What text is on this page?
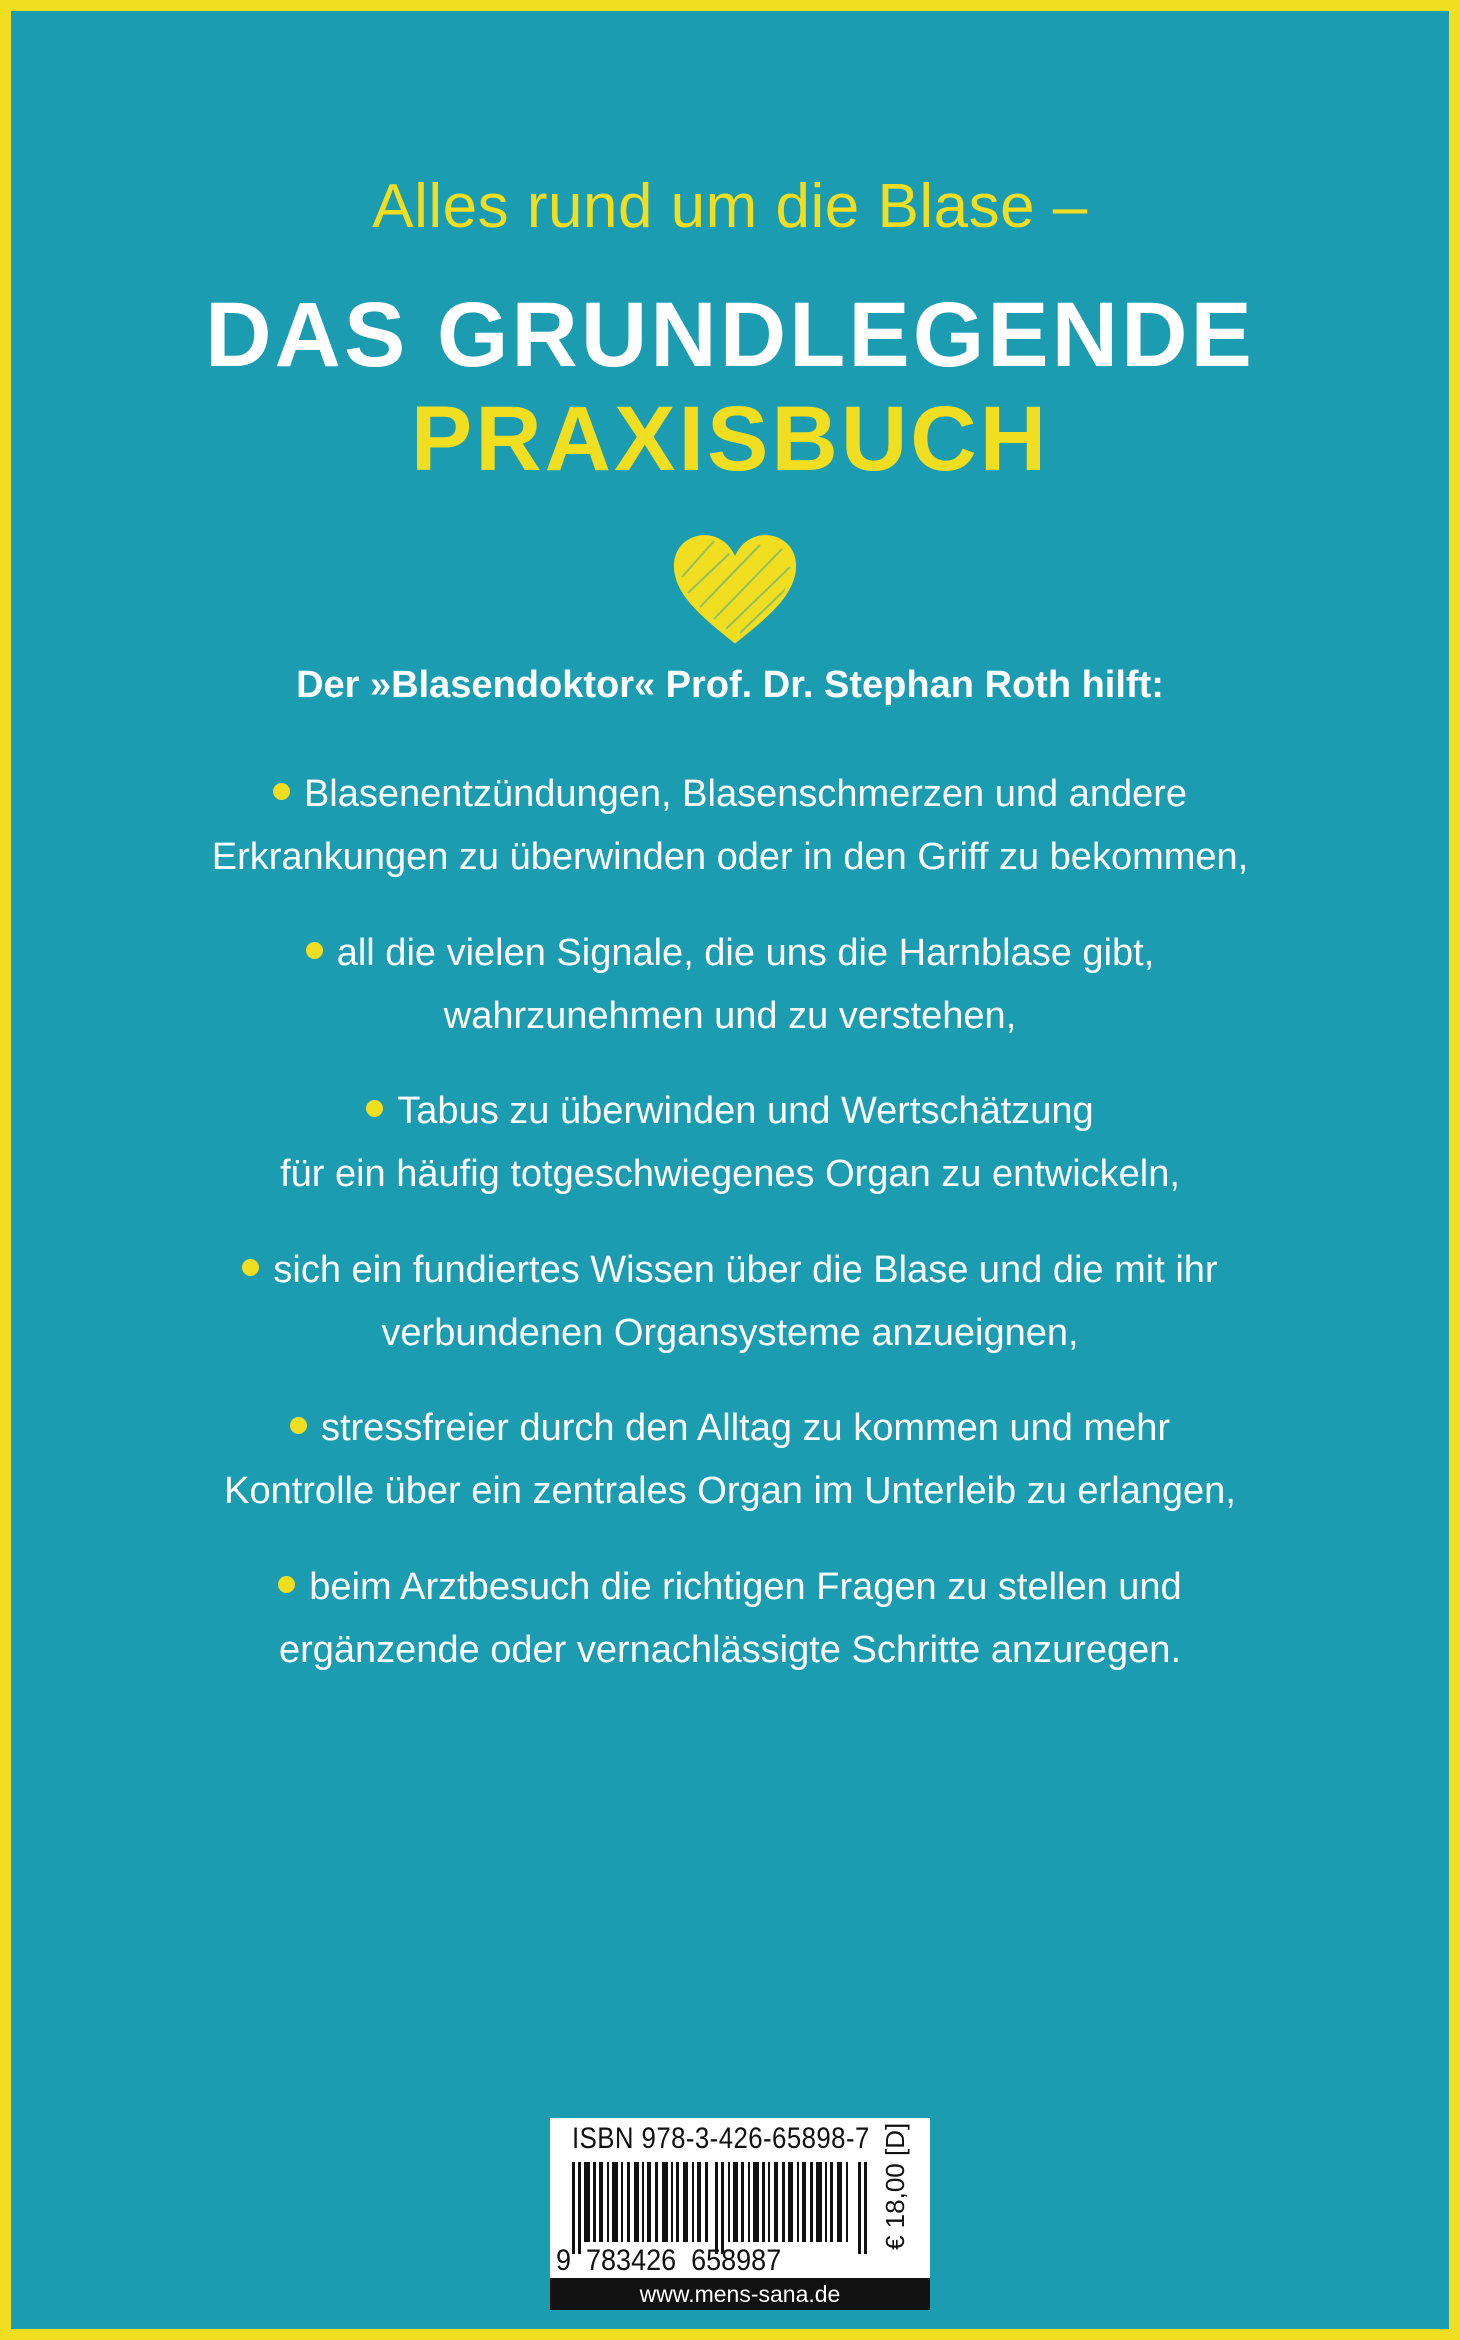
Alles rund um die Blase –

DAS GRUNDLEGENDE

PRAXISBUCH

Der »Blasendoktor« Prof. Dr. Stephan Roth hilft:

Blasenentzündungen, Blasenschmerzen und andere
Erkrankungen zu überwinden oder in den Griff zu bekommen,
all die vielen Signale, die uns die Harnblase gibt,
wahrzunehmen und zu verstehen,
Tabus zu überwinden und Wertschätzung
für ein häufig totgeschwiegenes Organ zu entwickeln,
sich ein fundiertes Wissen über die Blase und die mit ihr
verbundenen Organsysteme anzueignen,
stressfreier durch den Alltag zu kommen und mehr
Kontrolle über ein zentrales Organ im Unterleib zu erlangen,
beim Arztbesuch die richtigen Fragen zu stellen und
ergänzende oder vernachlässigte Schritte anzuregen.
ISBN 978-3-426-65898-7
9  783426  658987
€ 18,00 [D]
www.mens-sana.de
